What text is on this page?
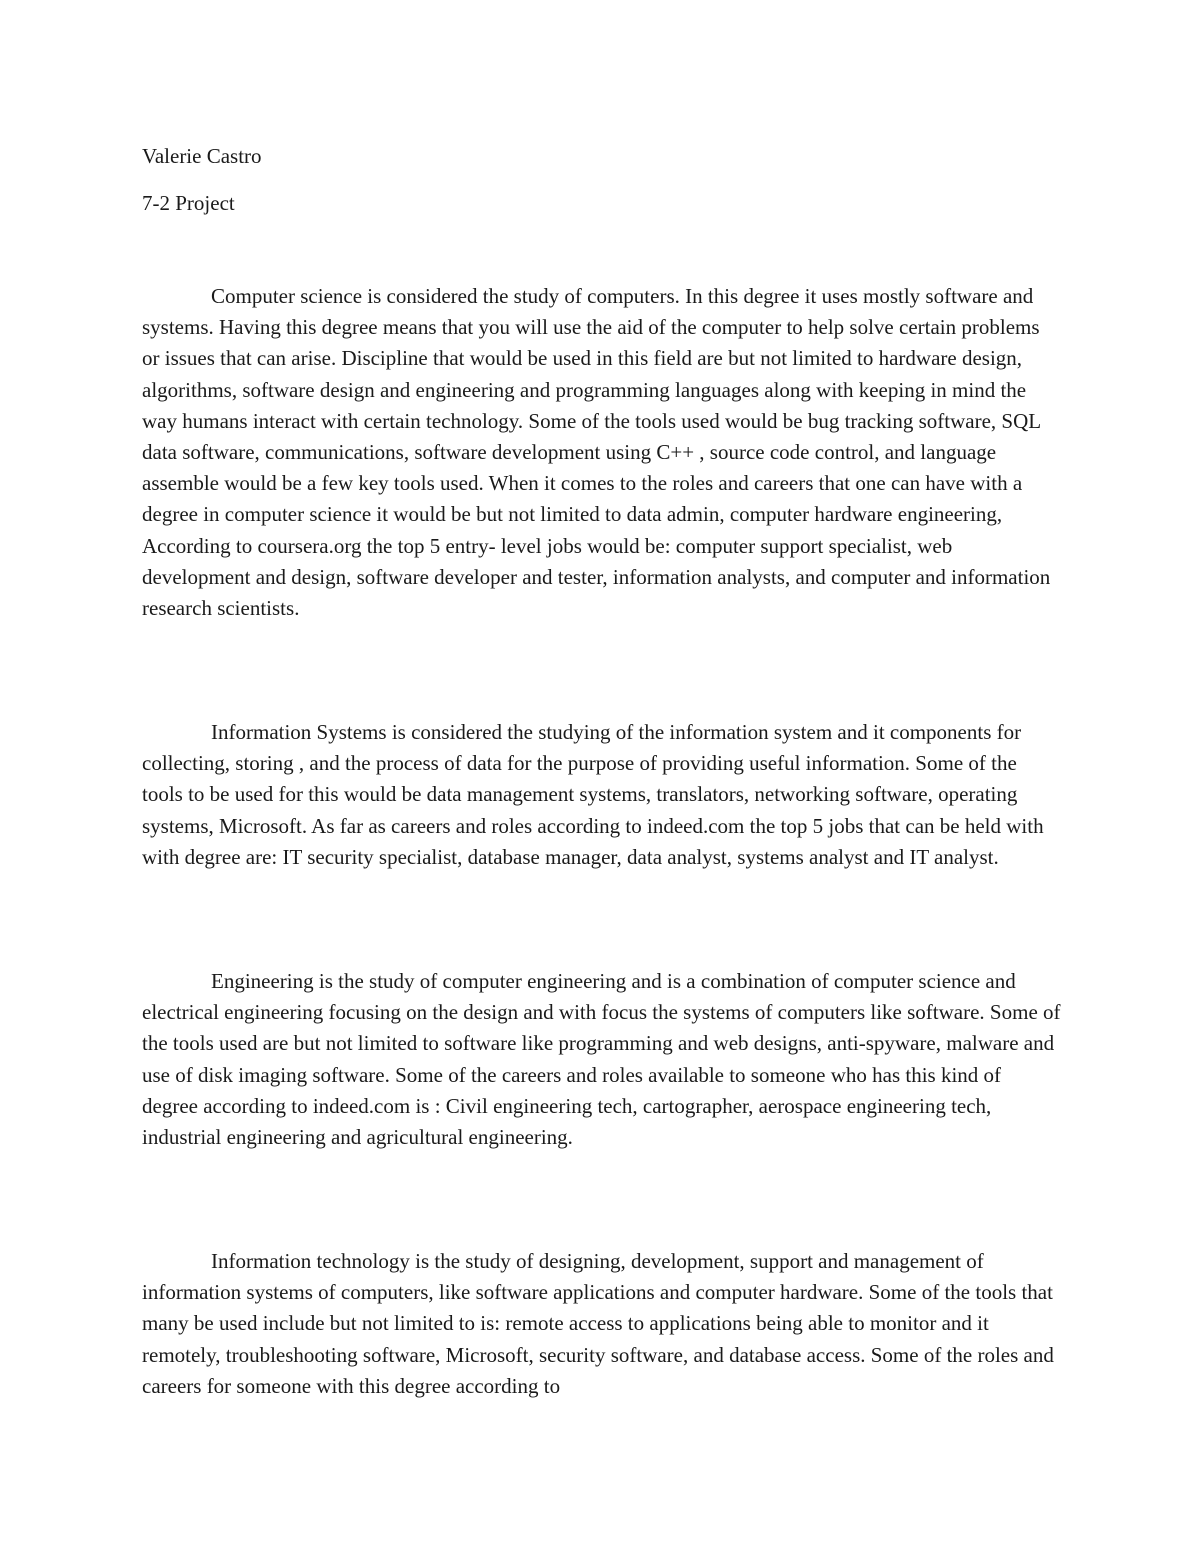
Valerie Castro

7-2 Project

Computer science is considered the study of computers. In this degree it uses mostly software and systems. Having this degree means that you will use the aid of the computer to help solve certain problems or issues that can arise. Discipline that would be used in this field are but not limited to hardware design, algorithms, software design and engineering and programming languages along with keeping in mind the way humans interact with certain technology. Some of the tools used would be bug tracking software, SQL data software, communications, software development using C++ , source code control, and language assemble would be a few key tools used. When it comes to the roles and careers that one can have with a degree in computer science it would be but not limited to data admin, computer hardware engineering, According to coursera.org the top 5 entry- level jobs would be: computer support specialist, web development and design, software developer and tester, information analysts, and computer and information research scientists.

Information Systems is considered the studying of the information system and it components for collecting, storing , and the process of data for the purpose of providing useful information. Some of the tools to be used for this would be data management systems, translators, networking software, operating systems, Microsoft. As far as careers and roles according to indeed.com the top 5 jobs that can be held with with degree are: IT security specialist, database manager, data analyst, systems analyst and IT analyst.

Engineering is the study of computer engineering and is a combination of computer science and electrical engineering focusing on the design and with focus the systems of computers like software. Some of the tools used are but not limited to software like programming and web designs, anti-spyware, malware and use of disk imaging software. Some of the careers and roles available to someone who has this kind of degree according to indeed.com is : Civil engineering tech, cartographer, aerospace engineering tech, industrial engineering and agricultural engineering.

Information technology is the study of designing, development, support and management of information systems of computers, like software applications and computer hardware. Some of the tools that many be used include but not limited to is: remote access to applications being able to monitor and it remotely, troubleshooting software, Microsoft, security software, and database access. Some of the roles and careers for someone with this degree according to
